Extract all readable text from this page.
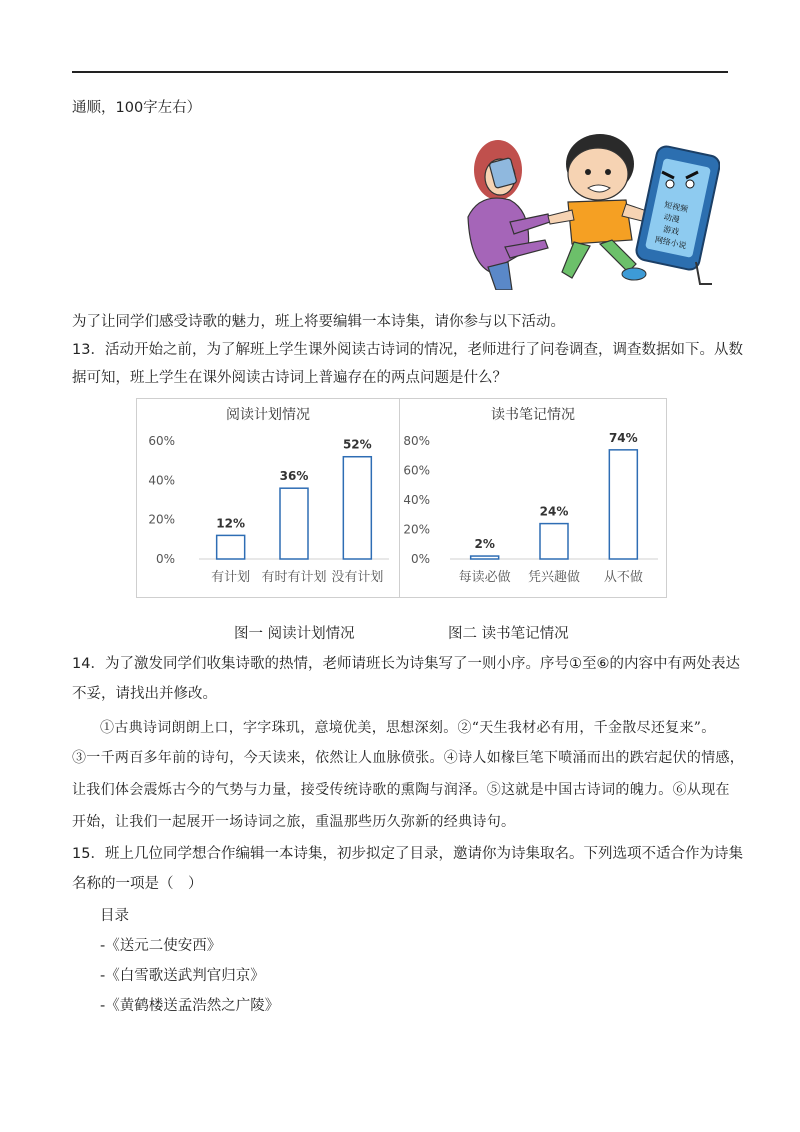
通顺，100字左右）
短视频
动漫
游戏
网络小说
为了让同学们感受诗歌的魅力，班上将要编辑一本诗集，请你参与以下活动。
13．活动开始之前，为了解班上学生课外阅读古诗词的情况，老师进行了问卷调查，调查数据如下。从数
据可知，班上学生在课外阅读古诗词上普遍存在的两点问题是什么？
阅读计划情况
0%
20%
40%
60%
12%
有计划
36%
有时有计划
52%
没有计划
读书笔记情况
0%
20%
40%
60%
80%
2%
每读必做
24%
凭兴趣做
74%
从不做
图一 阅读计划情况	图二 读书笔记情况
14．为了激发同学们收集诗歌的热情，老师请班长为诗集写了一则小序。序号①至⑥的内容中有两处表达
不妥，请找出并修改。
①古典诗词朗朗上口，字字珠玑，意境优美，思想深刻。②“天生我材必有用，千金散尽还复来”。
③一千两百多年前的诗句，今天读来，依然让人血脉偾张。④诗人如椽巨笔下喷涌而出的跌宕起伏的情感，
让我们体会震烁古今的气势与力量，接受传统诗歌的熏陶与润泽。⑤这就是中国古诗词的魄力。⑥从现在
开始，让我们一起展开一场诗词之旅，重温那些历久弥新的经典诗句。
15．班上几位同学想合作编辑一本诗集，初步拟定了目录，邀请你为诗集取名。下列选项不适合作为诗集
名称的一项是（　）
目录
-《送元二使安西》
-《白雪歌送武判官归京》
-《黄鹤楼送孟浩然之广陵》
